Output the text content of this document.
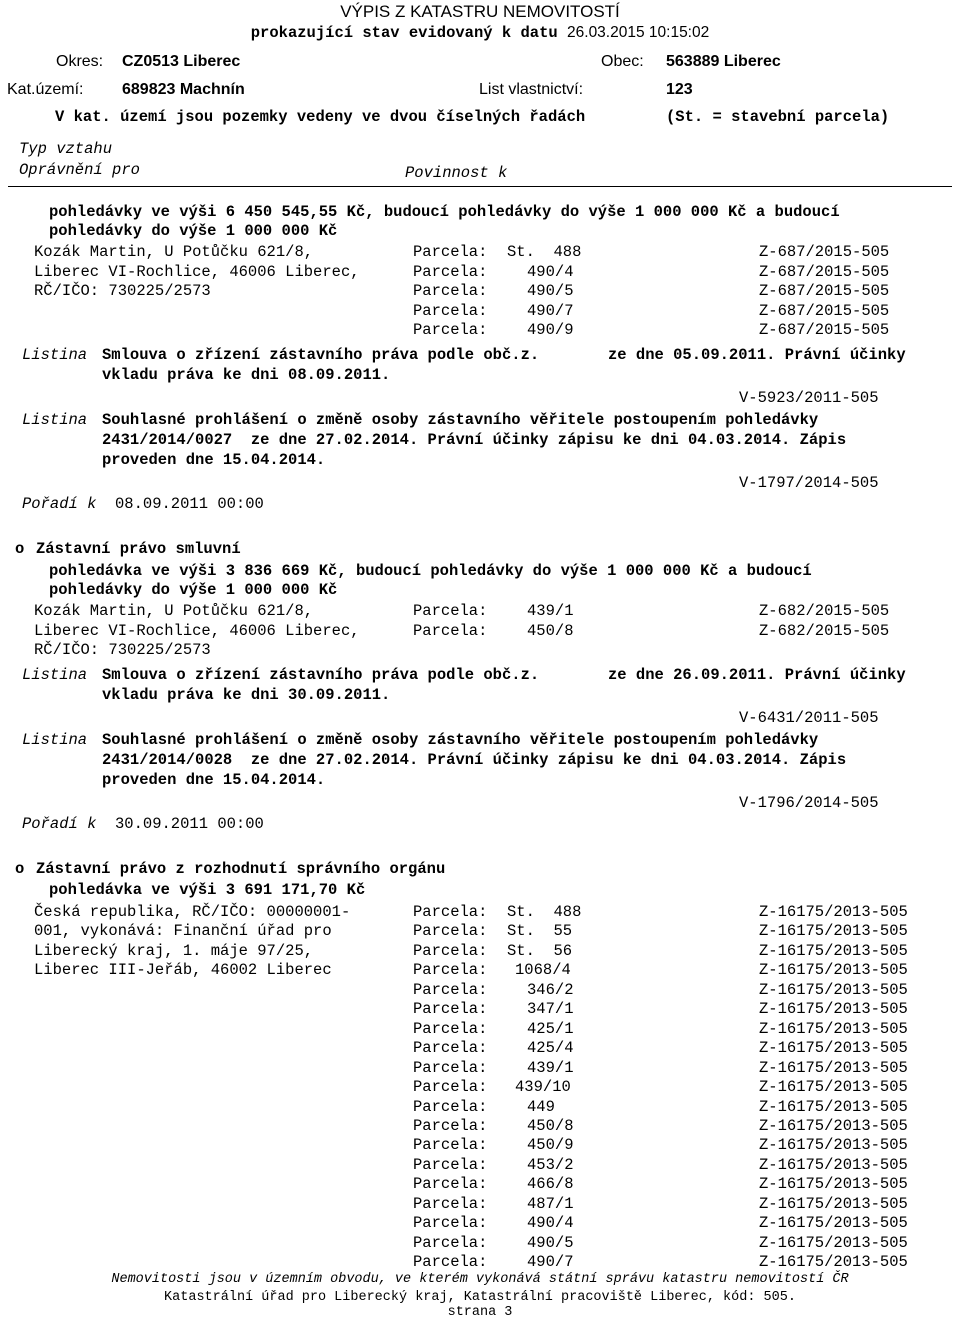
VÝPIS Z KATASTRU NEMOVITOSTÍ
prokazující stav evidovaný k datu 26.03.2015 10:15:02
Okres: CZ0513 Liberec	Obec: 563889 Liberec
Kat.území: 689823 Machnín	List vlastnictví:	123
V kat. území jsou pozemky vedeny ve dvou číselných řadách	(St. = stavební parcela)
Typ vztahu
Oprávnění pro	Povinnost k
pohledávky ve výši 6 450 545,55 Kč, budoucí pohledávky do výše 1 000 000 Kč a budoucí
pohledávky do výše 1 000 000 Kč
Kozák Martin, U Potůčku 621/8,
Liberec VI-Rochlice, 46006 Liberec,
RČ/IČO: 730225/2573
Parcela: St.  488	Z-687/2015-505
Parcela:	490/4	Z-687/2015-505
Parcela:	490/5	Z-687/2015-505
Parcela:	490/7	Z-687/2015-505
Parcela:	490/9	Z-687/2015-505
Listina Smlouva o zřízení zástavního práva podle obč.z.	ze dne 05.09.2011. Právní účinky
vkladu práva ke dni 08.09.2011.
V-5923/2011-505
Listina Souhlasné prohlášení o změně osoby zástavního věřitele postoupením pohledávky
2431/2014/0027  ze dne 27.02.2014. Právní účinky zápisu ke dni 04.03.2014. Zápis
proveden dne 15.04.2014.
V-1797/2014-505
Pořadí k 08.09.2011 00:00
o Zástavní právo smluvní
pohledávka ve výši 3 836 669 Kč, budoucí pohledávky do výše 1 000 000 Kč a budoucí
pohledávky do výše 1 000 000 Kč
Kozák Martin, U Potůčku 621/8,
Liberec VI-Rochlice, 46006 Liberec,
RČ/IČO: 730225/2573
Parcela:	439/1	Z-682/2015-505
Parcela:	450/8	Z-682/2015-505
Listina Smlouva o zřízení zástavního práva podle obč.z.	ze dne 26.09.2011. Právní účinky
vkladu práva ke dni 30.09.2011.
V-6431/2011-505
Listina Souhlasné prohlášení o změně osoby zástavního věřitele postoupením pohledávky
2431/2014/0028  ze dne 27.02.2014. Právní účinky zápisu ke dni 04.03.2014. Zápis
proveden dne 15.04.2014.
V-1796/2014-505
Pořadí k 30.09.2011 00:00
o Zástavní právo z rozhodnutí správního orgánu
pohledávka ve výši 3 691 171,70 Kč
Česká republika, RČ/IČO: 00000001-
001, vykonává: Finanční úřad pro
Liberecký kraj, 1. máje 97/25,
Liberec III-Jeřáb, 46002 Liberec
Parcela: St.  488	Z-16175/2013-505
Parcela: St.  55	Z-16175/2013-505
Parcela: St.  56	Z-16175/2013-505
Parcela: 1068/4	Z-16175/2013-505
Parcela:	346/2	Z-16175/2013-505
Parcela:	347/1	Z-16175/2013-505
Parcela:	425/1	Z-16175/2013-505
Parcela:	425/4	Z-16175/2013-505
Parcela:	439/1	Z-16175/2013-505
Parcela: 439/10	Z-16175/2013-505
Parcela:	449	Z-16175/2013-505
Parcela:	450/8	Z-16175/2013-505
Parcela:	450/9	Z-16175/2013-505
Parcela:	453/2	Z-16175/2013-505
Parcela:	466/8	Z-16175/2013-505
Parcela:	487/1	Z-16175/2013-505
Parcela:	490/4	Z-16175/2013-505
Parcela:	490/5	Z-16175/2013-505
Parcela:	490/7	Z-16175/2013-505
Nemovitosti jsou v územním obvodu, ve kterém vykonává státní správu katastru nemovitostí ČR
Katastrální úřad pro Liberecký kraj, Katastrální pracoviště Liberec, kód: 505.
strana 3
